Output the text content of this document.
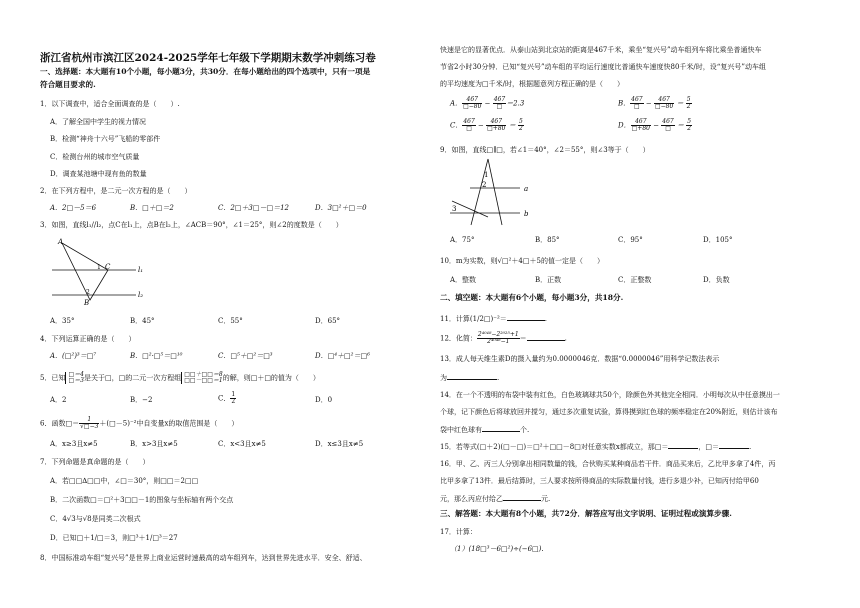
浙江省杭州市滨江区2024-2025学年七年级下学期期末数学冲刺练习卷
一、选择题：本大题有10个小题，每小题3分，共30分．在每小题给出的四个选项中，只有一项是
符合题目要求的.
1．以下调查中，适合全面调查的是（　　）.
A．了解全国中学生的视力情况
B．检测“神舟十六号”飞船的零部件
C．检测台州的城市空气质量
D．调查某池塘中现有鱼的数量
2．在下列方程中，是二元一次方程的是（　　）
A．2□－5＝6	B．□＋□＝2	C．2□＋3□－□＝12	D．3□²＋□＝0
3．如图，直线l₁//l₂，点C在l₁上，点B在l₂上，∠ACB＝90°，∠1＝25°，则∠2的度数是（　　）
A
B
C	l₁
l₂
1
2
A．35°	B．45°	C．55°	D．65°
4．下列运算正确的是（　　）
A．(□²)³＝□⁷	B．□²·□⁵＝□¹⁰	C．□⁵＋□²＝□³	D．□⁴＋□²＝□⁶
5．已知 □＝4
□＝3 是关于□，□的二元一次方程组 □□＋□□＝8
□□－□□＝1 的解，则□＋□的值为（　　）
A．2	B．−2	C． $\frac{1}{2}$	D．0
6．函数□＝ $\frac{1}{√□-3}$ ＋(□－5)⁻²中自变量x的取值范围是（　　）
A．x≥3且x≠5	B．x>3且x≠5	C．x<3且x≠5	D．x≤3且x≠5
7．下列命题是真命题的是（　　）
A．若□□∆□□中，∠□＝30°，则□□＝2□□
B．二次函数□＝□²＋3□□－1的图象与坐标轴有两个交点
C．4√3与√8是同类二次根式
D．已知□＋1/□＝3，则□³＋1/□³＝27
8．中国标准动车组“复兴号”是世界上商业运营时速最高的动车组列车，达到世界先进水平．安全、舒适、
快速是它的显著优点．从泰山站到北京站的距离是467千米，乘坐“复兴号”动车组列车将比乘坐普通快车
节省2小时30分钟．已知“复兴号”动车组的平均运行速度比普通快车速度快80千米/时，设“复兴号”动车组
的平均速度为□千米/时，根据题意列方程正确的是（　　）
A． $\frac{467}{□-80} - \frac{467}{□} =2.3$	B． $\frac{467}{□} - \frac{467}{□-80} = \frac{5}{2}$
C． $\frac{467}{□} - \frac{467}{□+80} = \frac{5}{2}$	D． $\frac{467}{□+80} - \frac{467}{□} = \frac{5}{2}$
9．如图，直线□∥□，若∠1＝40°，∠2＝55°，则∠3等于（　　）
1
2
3
a
b
A．75°	B．85°	C．95°	D．105°
10．m为实数，则√□²＋4□＋5的值一定是（　　）
A．整数	B．正数	C．正整数	D．负数
二、填空题：本大题有6个小题，每小题3分，共18分.
11．计算(1/2□)⁻²＝	.
12．化简： $\frac{\text{2⁴⁰⁴⁸−2²⁰²⁵+1}}{\text{2⁴⁰⁴⁸−1}}$ ＝	.
13．成人每天维生素D的摄入量约为0.0000046克．数据“0.0000046”用科学记数法表示
为	.
14．在一个不透明的布袋中装有红色，白色玻璃球共50个，除颜色外其他完全相同．小明每次从中任意摸出一
个球，记下颜色后将球放回并搅匀，通过多次重复试验，算得摸到红色球的频率稳定在20%附近，则估计该布
袋中红色球有	个.
15．若等式(□＋2)(□－□)＝□²＋□□－8□对任意实数x都成立，那□＝	，□＝	.
16．甲、乙、丙三人分别拿出相同数量的钱，合伙购买某种商品若干件．商品买来后，乙比甲多拿了4件，丙
比甲多拿了13件．最后结算时，三人要求按所得商品的实际数量付钱，进行多退少补，已知丙付给甲60
元，那么丙应付给乙	元.
三、解答题：本大题有8个小题，共72分．解答应写出文字说明、证明过程或演算步骤.
17．计算：
（1）(18□³－6□²)÷(−6□).
